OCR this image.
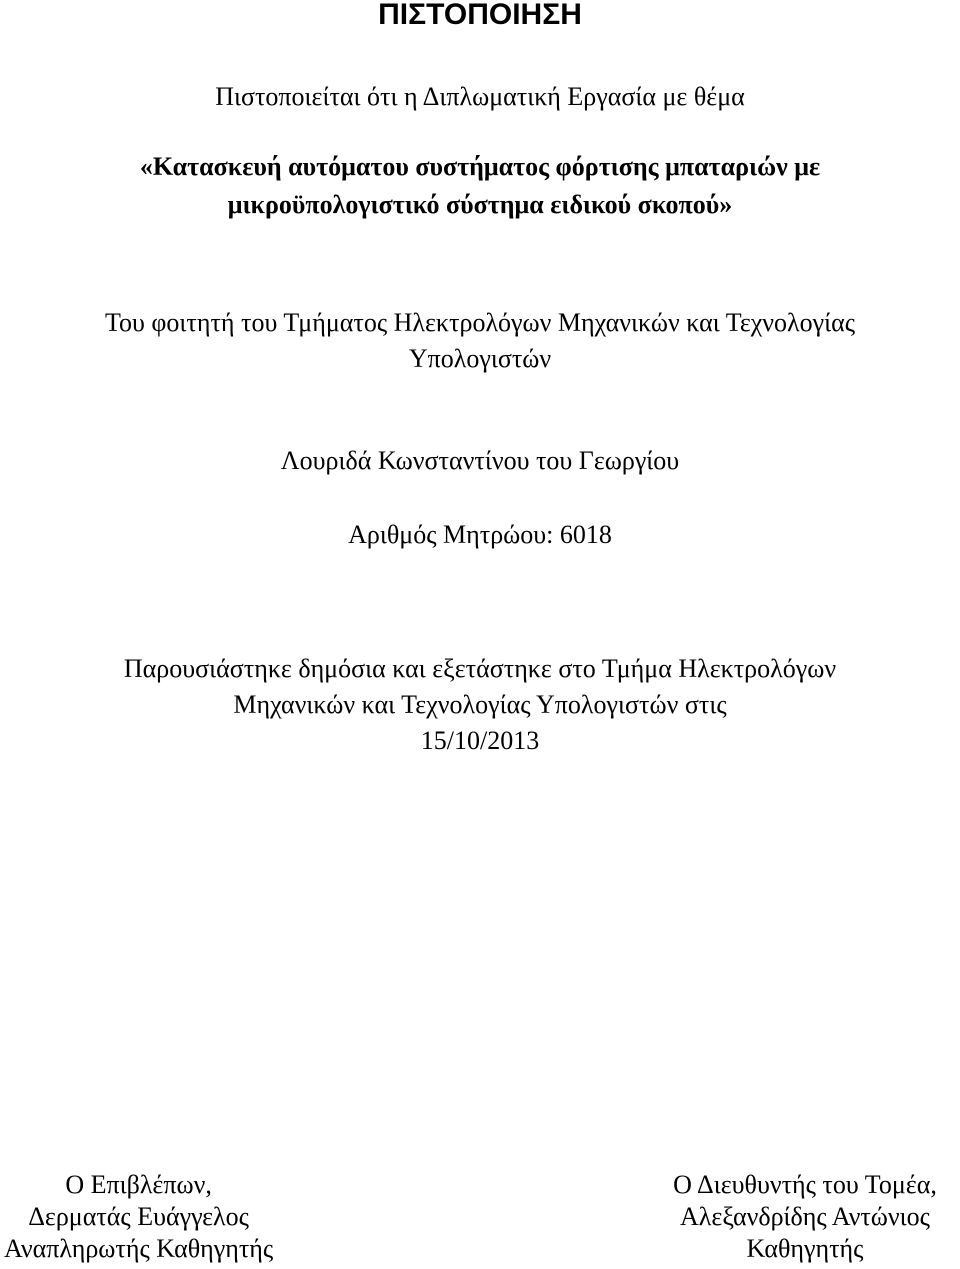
ΠΙΣΤΟΠΟΙΗΣΗ
Πιστοποιείται ότι η Διπλωματική Εργασία με θέμα
«Κατασκευή αυτόματου συστήματος φόρτισης μπαταριών με
μικροϋπολογιστικό σύστημα ειδικού σκοπού»
Του φοιτητή του Τμήματος Ηλεκτρολόγων Μηχανικών και Τεχνολογίας
Υπολογιστών
Λουριδά Κωνσταντίνου του Γεωργίου
Αριθμός Μητρώου: 6018
Παρουσιάστηκε δημόσια και εξετάστηκε στο Τμήμα Ηλεκτρολόγων
Μηχανικών και Τεχνολογίας Υπολογιστών στις
15/10/2013
Ο Επιβλέπων,
Δερματάς Ευάγγελος
Αναπληρωτής Καθηγητής
Ο Διευθυντής του Τομέα,
Αλεξανδρίδης Αντώνιος
Καθηγητής
